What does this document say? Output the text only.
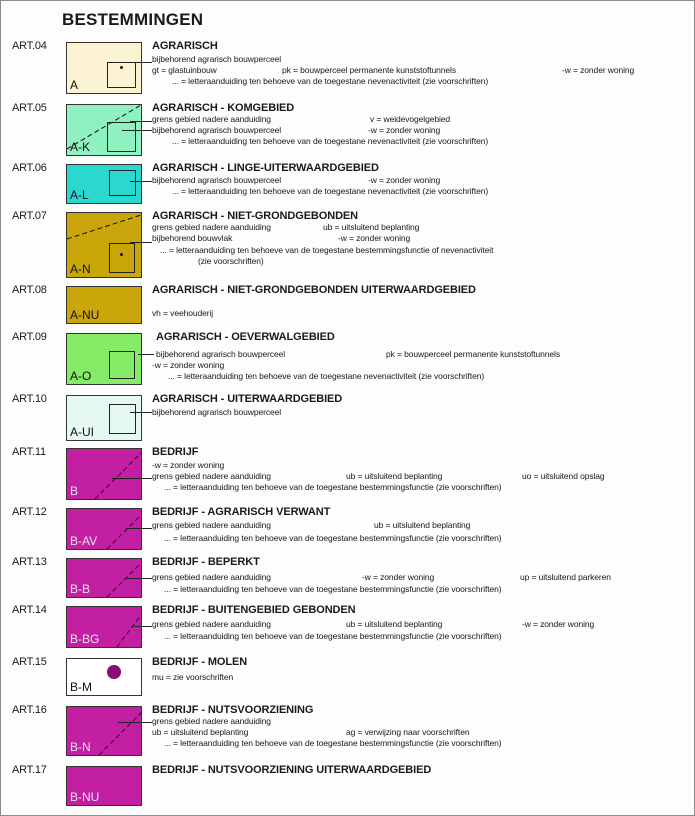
BESTEMMINGEN
ART.04
A
AGRARISCH
bijbehorend agrarisch bouwperceel
gt = glastuinbouw	pk = bouwperceel permanente kunststoftunnels	-w = zonder woning
... = letteraanduiding ten behoeve van de toegestane nevenactiviteit (zie voorschriften)
ART.05
A-K
AGRARISCH - KOMGEBIED
grens gebied nadere aanduiding	v = weidevogelgebied
bijbehorend agrarisch bouwperceel	-w = zonder woning
... = letteraanduiding ten behoeve van de toegestane nevenactiviteit (zie voorschriften)
ART.06
A-L
AGRARISCH - LINGE-UITERWAARDGEBIED
bijbehorend agrarisch bouwperceel	-w = zonder woning
... = letteraanduiding ten behoeve van de toegestane nevenactiviteit (zie voorschriften)
ART.07
A-N
AGRARISCH - NIET-GRONDGEBONDEN
grens gebied nadere aanduiding	ub = uitsluitend beplanting
bijbehorend bouwvlak	-w = zonder woning
... = letteraanduiding ten behoeve van de toegestane bestemmingsfunctie of nevenactiviteit
(zie voorschriften)
ART.08
A-NU
AGRARISCH - NIET-GRONDGEBONDEN UITERWAARDGEBIED
vh = veehouderij
ART.09
A-O
AGRARISCH - OEVERWALGEBIED
bijbehorend agrarisch bouwperceel	pk = bouwperceel permanente kunststoftunnels
-w = zonder woning
... = letteraanduiding ten behoeve van de toegestane nevenactiviteit (zie voorschriften)
ART.10
A-UI
AGRARISCH - UITERWAARDGEBIED
bijbehorend agrarisch bouwperceel
ART.11
B
BEDRIJF
-w = zonder woning
grens gebied nadere aanduiding	ub = uitsluitend beplanting	uo = uitsluitend opslag
... = letteraanduiding ten behoeve van de toegestane bestemmingsfunctie (zie voorschriften)
ART.12
B-AV
BEDRIJF - AGRARISCH VERWANT
grens gebied nadere aanduiding	ub = uitsluitend beplanting
... = letteraanduiding ten behoeve van de toegestane bestemmingsfunctie (zie voorschriften)
ART.13
B-B
BEDRIJF - BEPERKT
grens gebied nadere aanduiding	-w = zonder woning	up = uitsluitend parkeren
... = letteraanduiding ten behoeve van de toegestane bestemmingsfunctie (zie voorschriften)
ART.14
B-BG
BEDRIJF - BUITENGEBIED GEBONDEN
grens gebied nadere aanduiding	ub = uitsluitend beplanting	-w = zonder woning
... = letteraanduiding ten behoeve van de toegestane bestemmingsfunctie (zie voorschriften)
ART.15
B-M
BEDRIJF - MOLEN
mu = zie voorschriften
ART.16
B-N
BEDRIJF - NUTSVOORZIENING
grens gebied nadere aanduiding
ub = uitsluitend beplanting	ag = verwijzing naar voorschriften
... = letteraanduiding ten behoeve van de toegestane bestemmingsfunctie (zie voorschriften)
ART.17
B-NU
BEDRIJF - NUTSVOORZIENING UITERWAARDGEBIED
